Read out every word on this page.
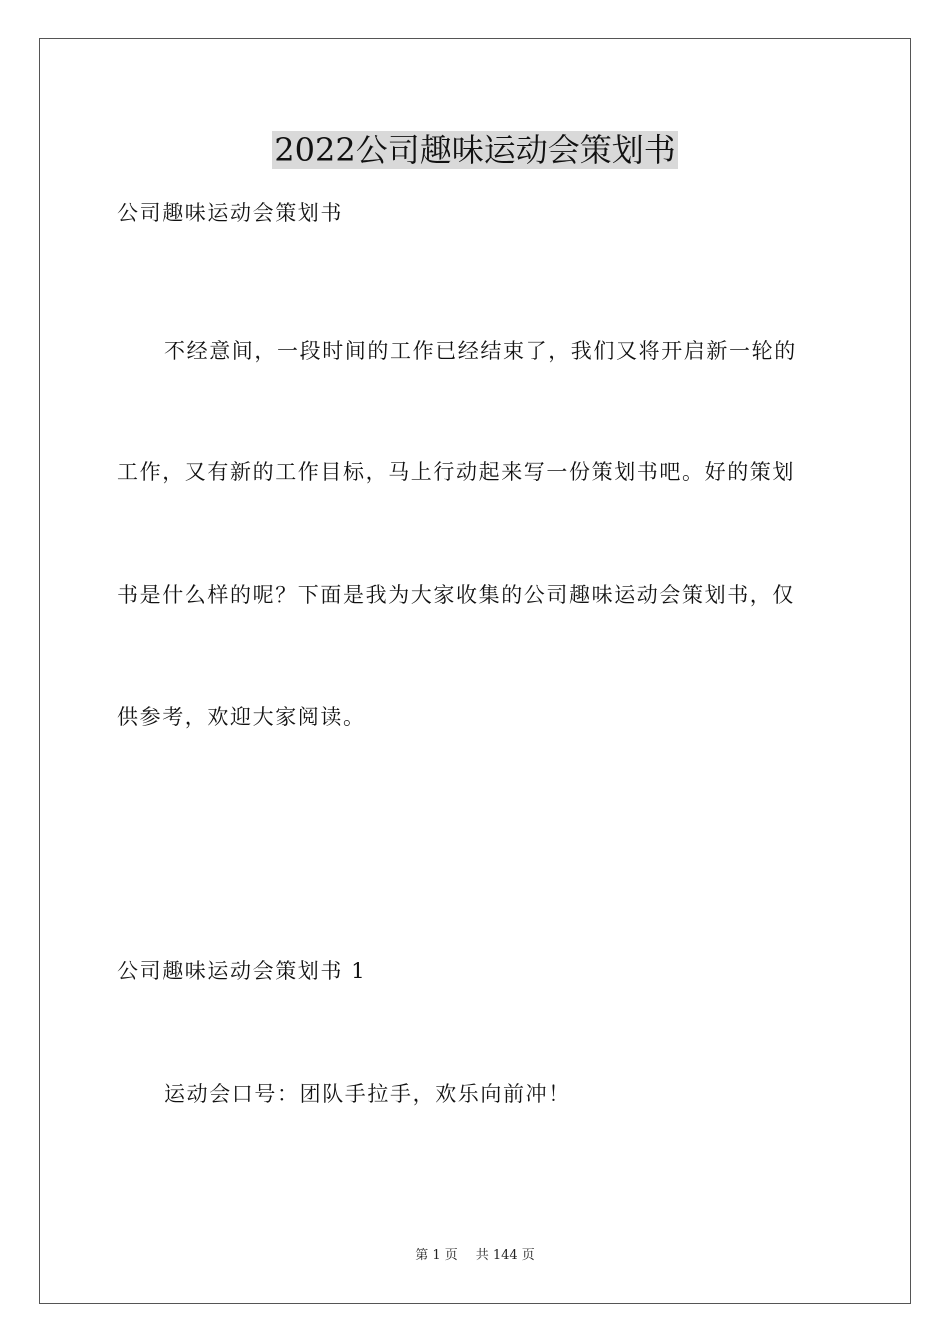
2022公司趣味运动会策划书
公司趣味运动会策划书
不经意间，一段时间的工作已经结束了，我们又将开启新一轮的
工作，又有新的工作目标，马上行动起来写一份策划书吧。好的策划
书是什么样的呢？下面是我为大家收集的公司趣味运动会策划书，仅
供参考，欢迎大家阅读。
公司趣味运动会策划书 1
运动会口号：团队手拉手，欢乐向前冲！
第 1 页 共 144 页
